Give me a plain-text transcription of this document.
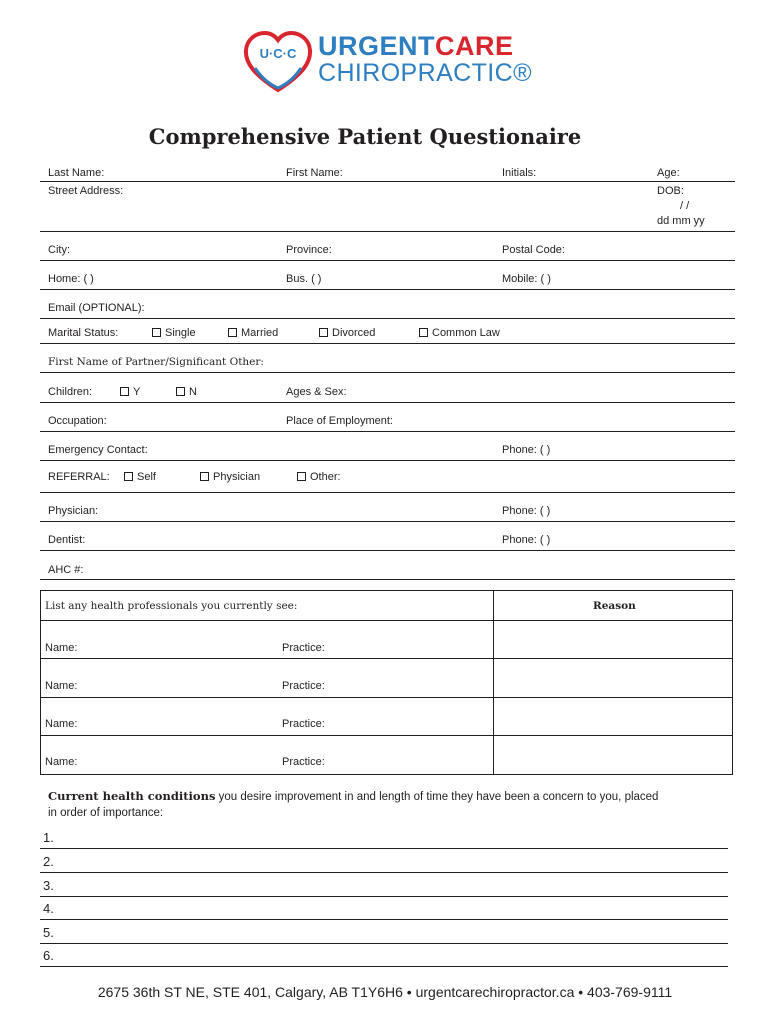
U·C·C URGENTCARE
CHIROPRACTIC®
Comprehensive Patient Questionaire
Last Name:	First Name:	Initials:	Age:
Street Address:	DOB:
/ /
dd mm yy
City:	Province:	Postal Code:
Home: ( )	Bus. ( )	Mobile: ( )
Email (OPTIONAL):
Marital Status:	Single	Married	Divorced	Common Law
First Name of Partner/Significant Other:
Children:	Y	N	Ages & Sex:
Occupation:	Place of Employment:
Emergency Contact:	Phone: ( )
REFERRAL:	Self	Physician	Other:
Physician:	Phone: ( )
Dentist:	Phone: ( )
AHC #:
List any health professionals you currently see:	Reason
Name:	Practice:
Name:	Practice:
Name:	Practice:
Name:	Practice:
Current health conditions you desire improvement in and length of time they have been a concern to you, placed in order of importance:
1.
2.
3.
4.
5.
6.
2675 36th ST NE, STE 401, Calgary, AB T1Y6H6 • urgentcarechiropractor.ca • 403-769-9111
